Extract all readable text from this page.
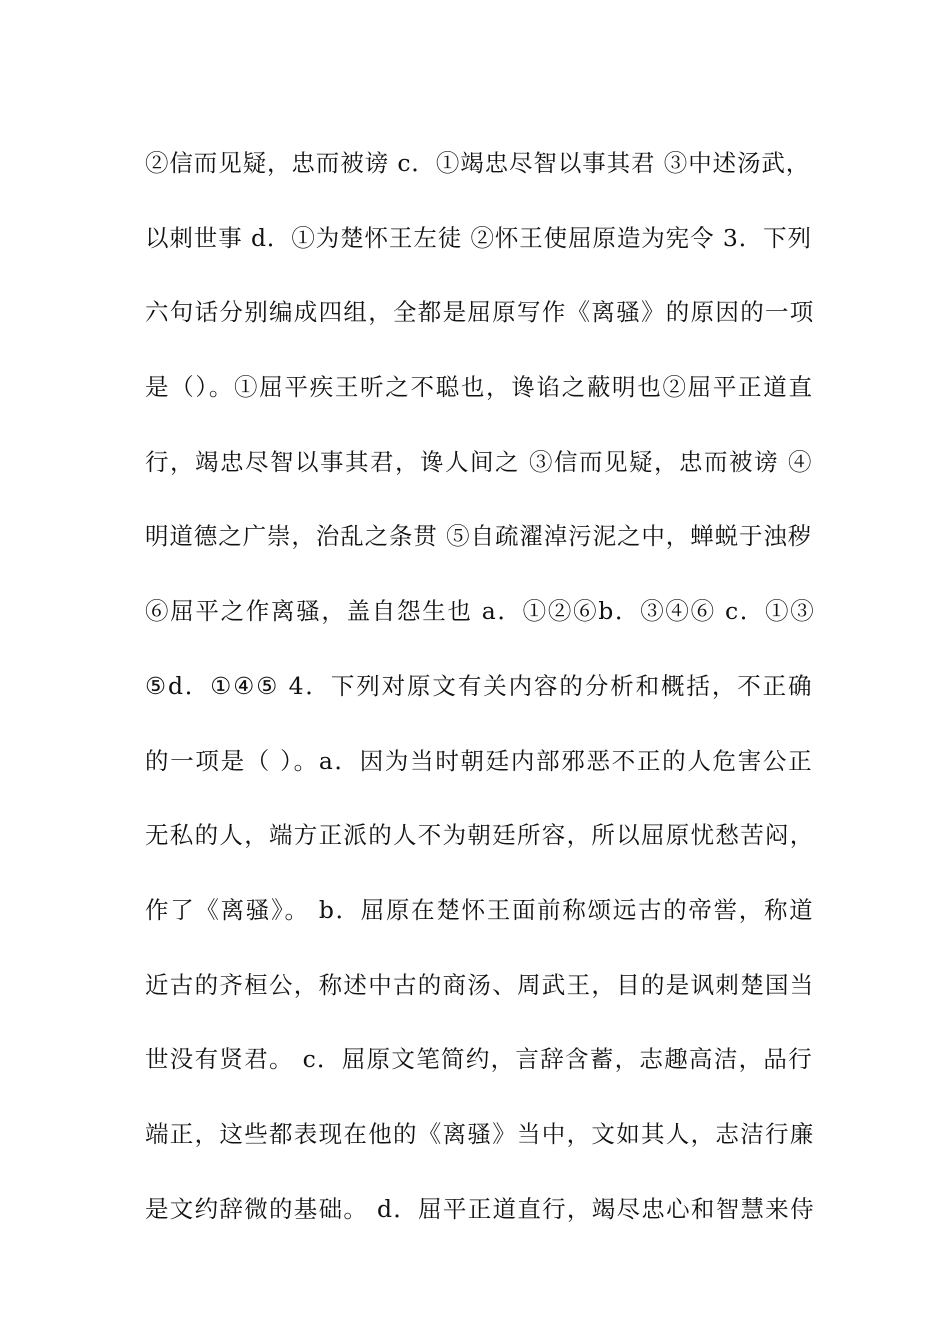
②信而见疑，忠而被谤 c．①竭忠尽智以事其君 ③中述汤武，
以刺世事 d．①为楚怀王左徒 ②怀王使屈原造为宪令 3．下列
六句话分别编成四组，全都是屈原写作《离骚》的原因的一项
是（）。①屈平疾王听之不聪也，谗谄之蔽明也②屈平正道直
行，竭忠尽智以事其君，谗人间之 ③信而见疑，忠而被谤 ④
明道德之广崇，治乱之条贯 ⑤自疏濯淖污泥之中，蝉蜕于浊秽
⑥屈平之作离骚，盖自怨生也 a．①②⑥b．③④⑥ c．①③
⑤d．①④⑤ 4．下列对原文有关内容的分析和概括，不正确
的一项是（ ）。a．因为当时朝廷内部邪恶不正的人危害公正
无私的人，端方正派的人不为朝廷所容，所以屈原忧愁苦闷，
作了《离骚》。 b．屈原在楚怀王面前称颂远古的帝喾，称道
近古的齐桓公，称述中古的商汤、周武王，目的是讽刺楚国当
世没有贤君。 c．屈原文笔简约，言辞含蓄，志趣高洁，品行
端正，这些都表现在他的《离骚》当中，文如其人，志洁行廉
是文约辞微的基础。 d．屈平正道直行，竭尽忠心和智慧来侍
